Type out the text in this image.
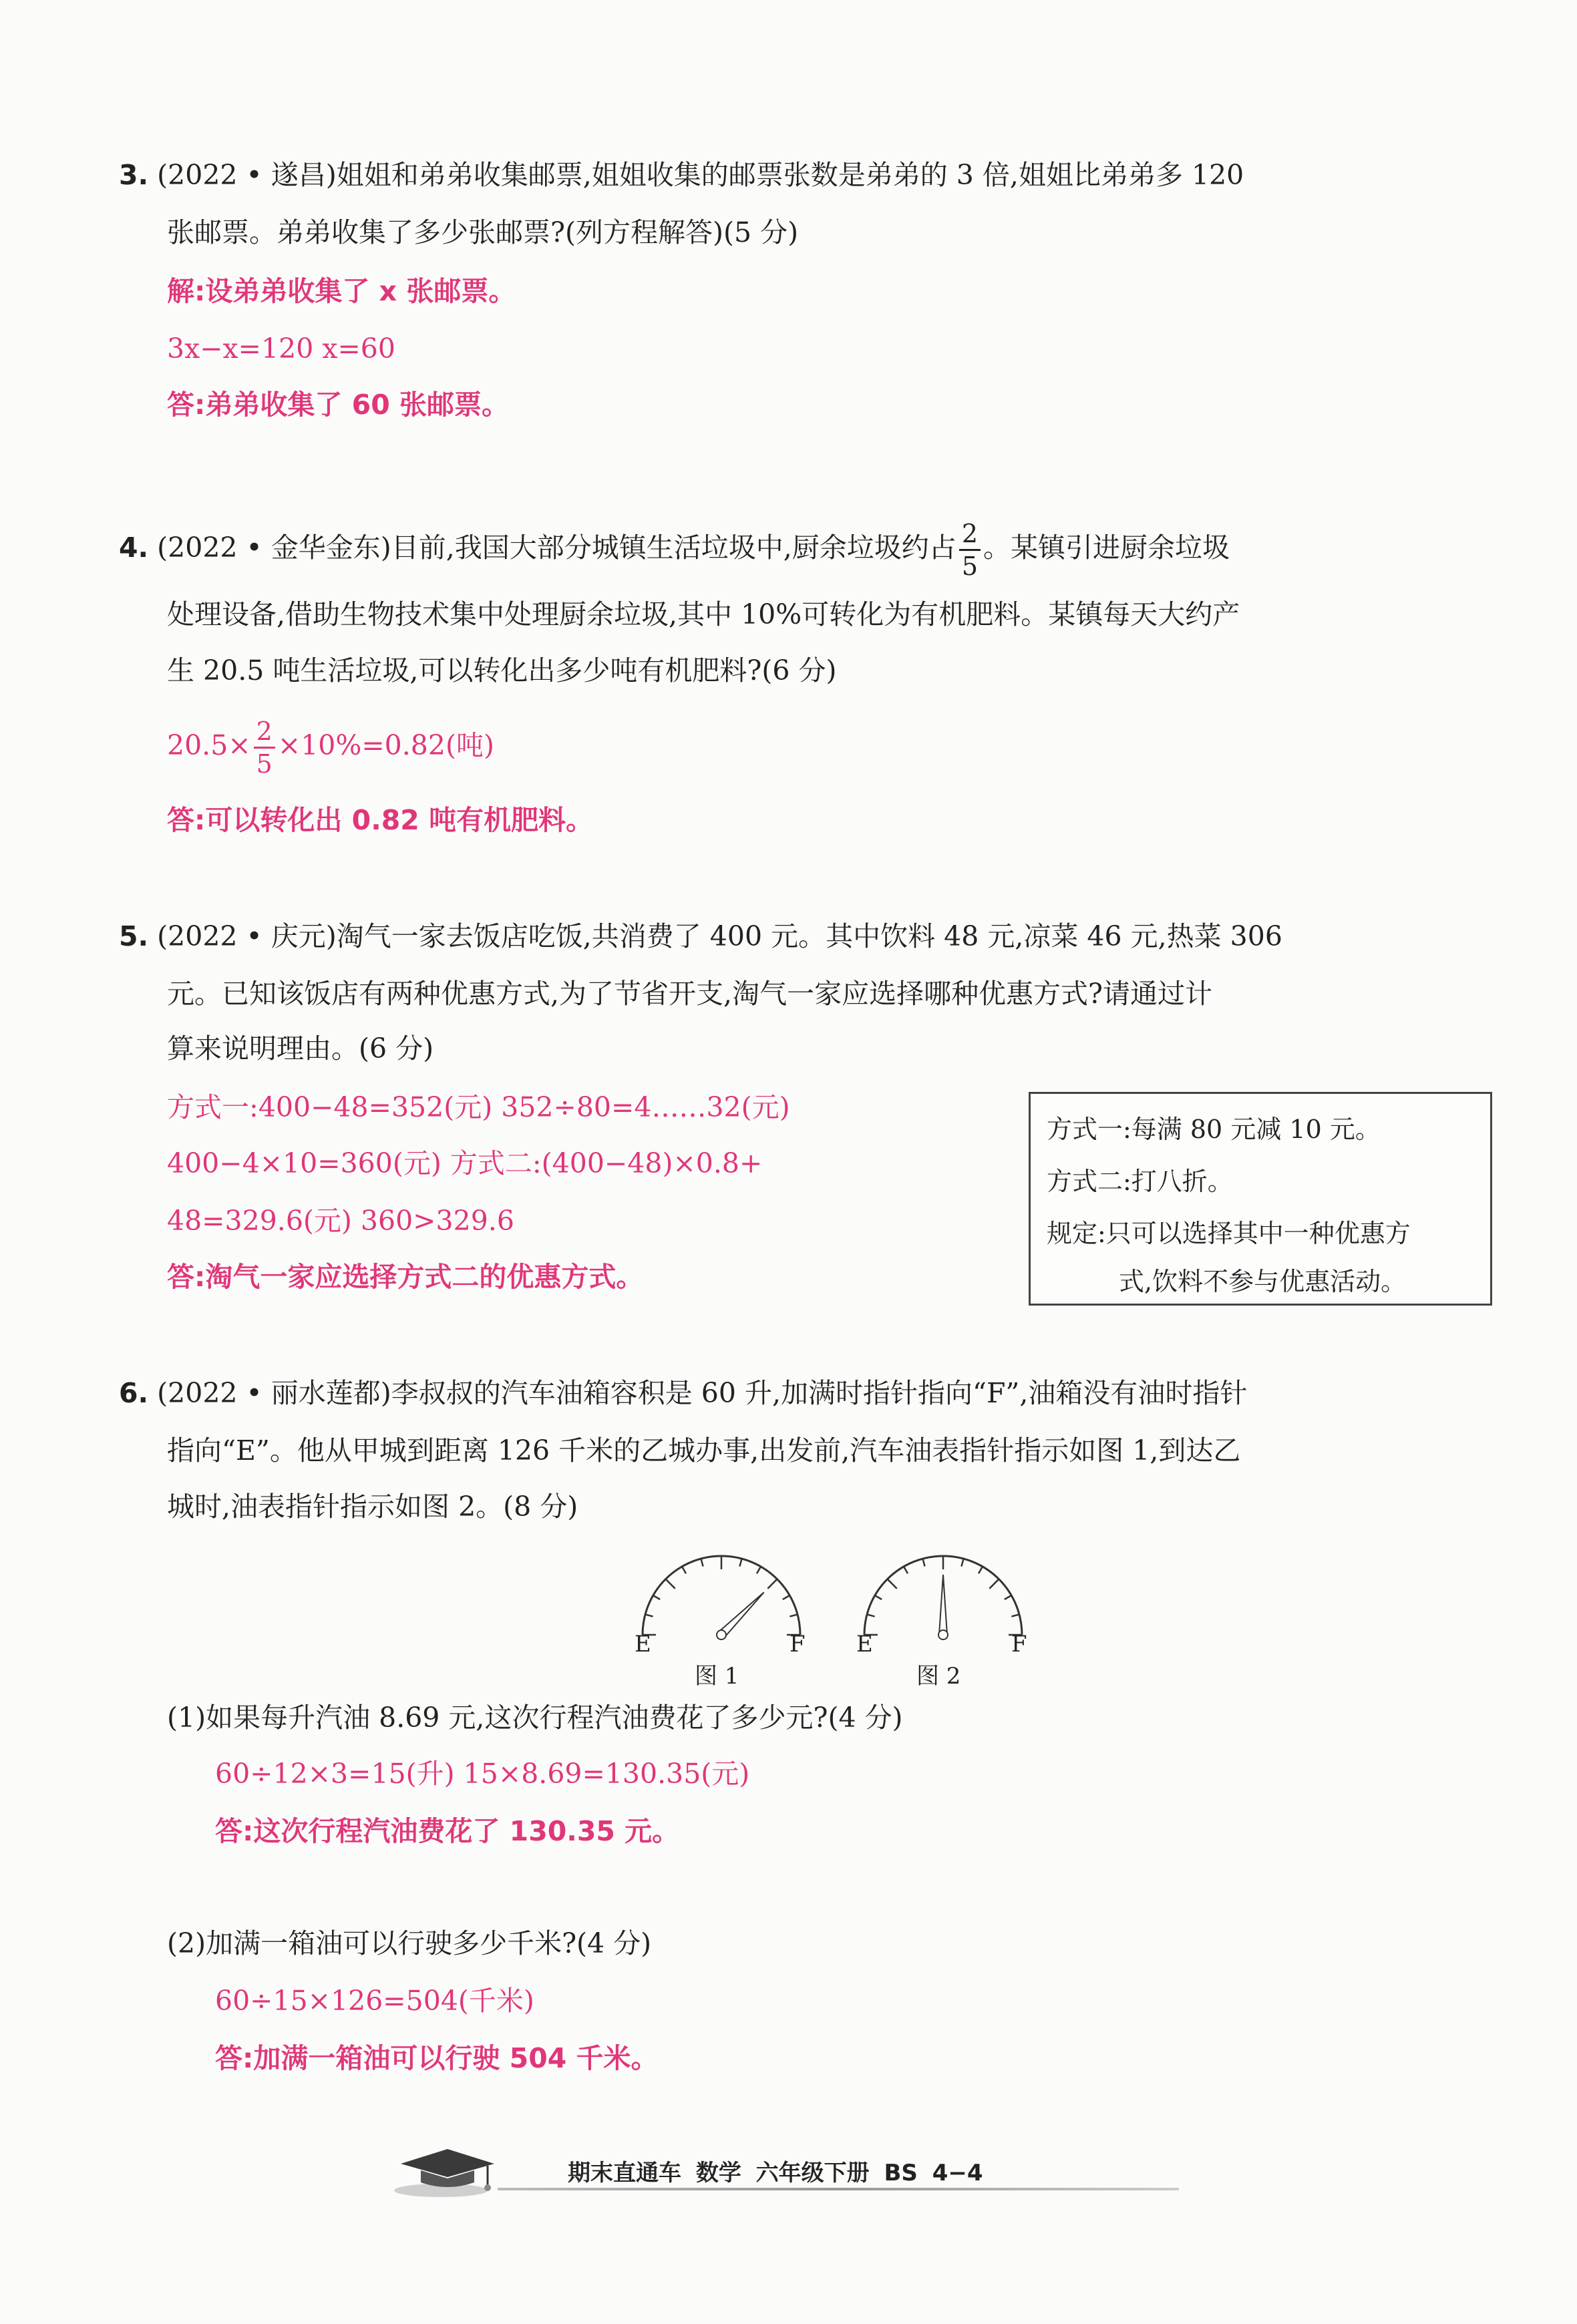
3. (2022 • 遂昌)姐姐和弟弟收集邮票,姐姐收集的邮票张数是弟弟的 3 倍,姐姐比弟弟多 120
张邮票。弟弟收集了多少张邮票?(列方程解答)(5 分)
解:设弟弟收集了 x 张邮票。
3x−x=120 x=60
答:弟弟收集了 60 张邮票。
4. (2022 • 金华金东)目前,我国大部分城镇生活垃圾中,厨余垃圾约占 $\frac{2}{5}$ 。某镇引进厨余垃圾
处理设备,借助生物技术集中处理厨余垃圾,其中 10%可转化为有机肥料。某镇每天大约产
生 20.5 吨生活垃圾,可以转化出多少吨有机肥料?(6 分)
$20.5\times \frac{2}{5} \times 10\%=0.82$(吨)
答:可以转化出 0.82 吨有机肥料。
5. (2022 • 庆元)淘气一家去饭店吃饭,共消费了 400 元。其中饮料 48 元,凉菜 46 元,热菜 306
元。已知该饭店有两种优惠方式,为了节省开支,淘气一家应选择哪种优惠方式?请通过计
算来说明理由。(6 分)
方式一:400−48=352(元) 352÷80=4……32(元)
400−4×10=360(元) 方式二:(400−48)×0.8+
48=329.6(元) 360>329.6
答:淘气一家应选择方式二的优惠方式。
方式一:每满 80 元减 10 元。
方式二:打八折。
规定:只可以选择其中一种优惠方
式,饮料不参与优惠活动。
6. (2022 • 丽水莲都)李叔叔的汽车油箱容积是 60 升,加满时指针指向“F”,油箱没有油时指针
指向“E”。他从甲城到距离 126 千米的乙城办事,出发前,汽车油表指针指示如图 1,到达乙
城时,油表指针指示如图 2。(8 分)
E	F
图 1
E	F
图 2
(1)如果每升汽油 8.69 元,这次行程汽油费花了多少元?(4 分)
60÷12×3=15(升) 15×8.69=130.35(元)
答:这次行程汽油费花了 130.35 元。
(2)加满一箱油可以行驶多少千米?(4 分)
60÷15×126=504(千米)
答:加满一箱油可以行驶 504 千米。
期末直通车 数学 六年级下册 BS 4−4
